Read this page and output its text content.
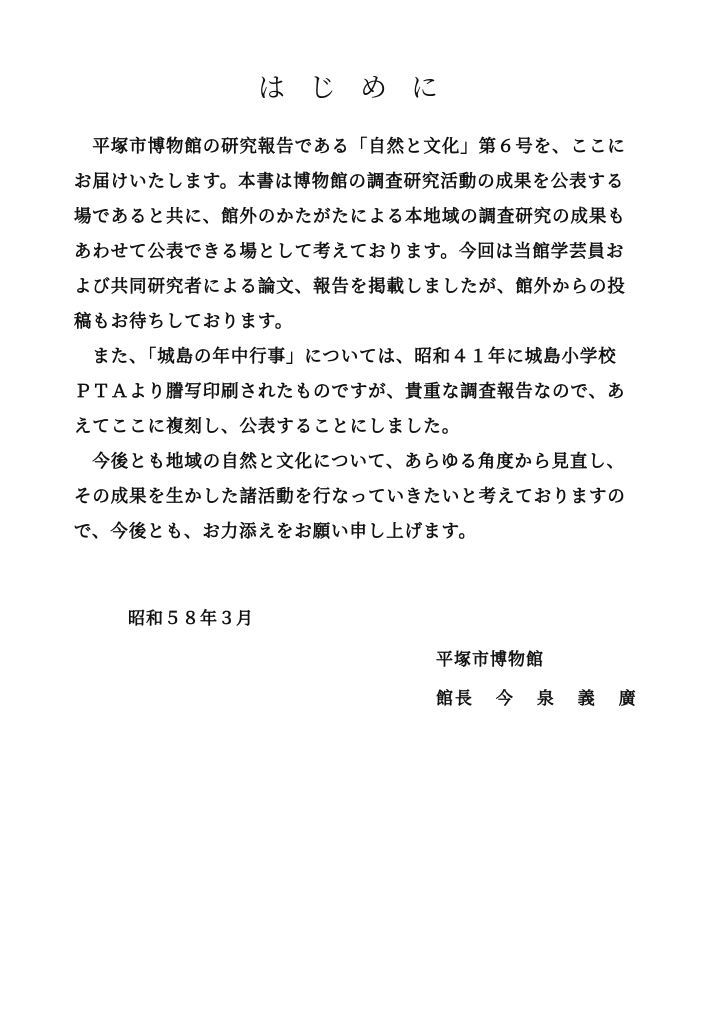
はじめに
　平塚市博物館の研究報告である「自然と文化」第６号を、ここに
お届けいたします。本書は博物館の調査研究活動の成果を公表する
場であると共に、館外のかたがたによる本地域の調査研究の成果も
あわせて公表できる場として考えております。今回は当館学芸員お
よび共同研究者による論文、報告を掲載しましたが、館外からの投
稿もお待ちしております。
　また、「城島の年中行事」については、昭和４１年に城島小学校
ＰＴＡより謄写印刷されたものですが、貴重な調査報告なので、あ
えてここに複刻し、公表することにしました。
　今後とも地域の自然と文化について、あらゆる角度から見直し、
その成果を生かした諸活動を行なっていきたいと考えておりますの
で、今後とも、お力添えをお願い申し上げます。
昭和５８年３月
平塚市博物館
館長 今 泉 義 廣
